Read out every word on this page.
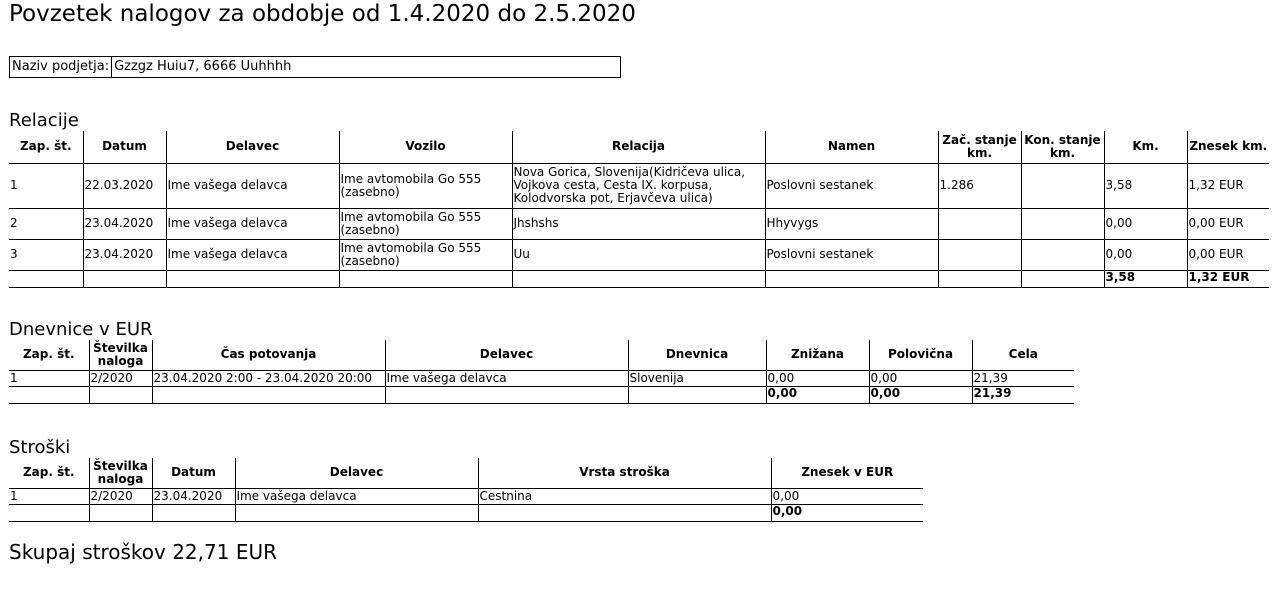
Povzetek nalogov za obdobje od 1.4.2020 do 2.5.2020
Naziv podjetja: Gzzgz Huiu7, 6666 Uuhhhh
Relacije
Zap. št.	Datum	Delavec	Vozilo	Relacija	Namen	Zač. stanje km.	Kon. stanje km.	Km.	Znesek km.
1	22.03.2020	Ime vašega delavca	Ime avtomobila Go 555 (zasebno)	Nova Gorica, Slovenija(Kidričeva ulica, Vojkova cesta, Cesta IX. korpusa, Kolodvorska pot, Erjavčeva ulica)	Poslovni sestanek	1.286		3,58	1,32 EUR
2	23.04.2020	Ime vašega delavca	Ime avtomobila Go 555 (zasebno)	Jhshshs	Hhyvygs			0,00	0,00 EUR
3	23.04.2020	Ime vašega delavca	Ime avtomobila Go 555 (zasebno)	Uu	Poslovni sestanek			0,00	0,00 EUR
								3,58	1,32 EUR
Dnevnice v EUR
Zap. št.	Številka naloga	Čas potovanja	Delavec	Dnevnica	Znižana	Polovična	Cela
1	2/2020	23.04.2020 2:00 - 23.04.2020 20:00	Ime vašega delavca	Slovenija	0,00	0,00	21,39
					0,00	0,00	21,39
Stroški
Zap. št.	Številka naloga	Datum	Delavec	Vrsta stroška	Znesek v EUR
1	2/2020	23.04.2020	Ime vašega delavca	Cestnina	0,00
					0,00
Skupaj stroškov 22,71 EUR
